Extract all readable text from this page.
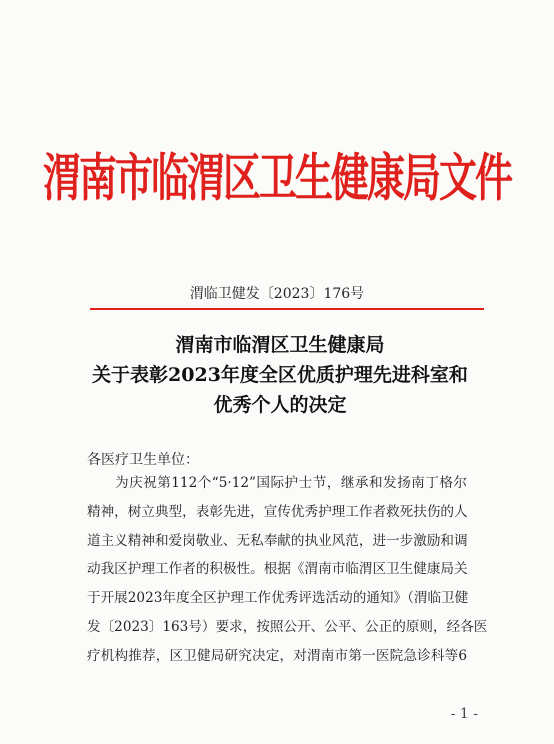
渭南市临渭区卫生健康局文件
渭临卫健发〔2023〕176号
渭南市临渭区卫生健康局
关于表彰2023年度全区优质护理先进科室和
优秀个人的决定
各医疗卫生单位：
为庆祝第112个“5·12”国际护士节，继承和发扬南丁格尔
精神，树立典型，表彰先进，宣传优秀护理工作者救死扶伤的人
道主义精神和爱岗敬业、无私奉献的执业风范，进一步激励和调
动我区护理工作者的积极性。根据《渭南市临渭区卫生健康局关
于开展2023年度全区护理工作优秀评选活动的通知》（渭临卫健
发〔2023〕163号）要求，按照公开、公平、公正的原则，经各医
疗机构推荐，区卫健局研究决定，对渭南市第一医院急诊科等6
- 1 -
